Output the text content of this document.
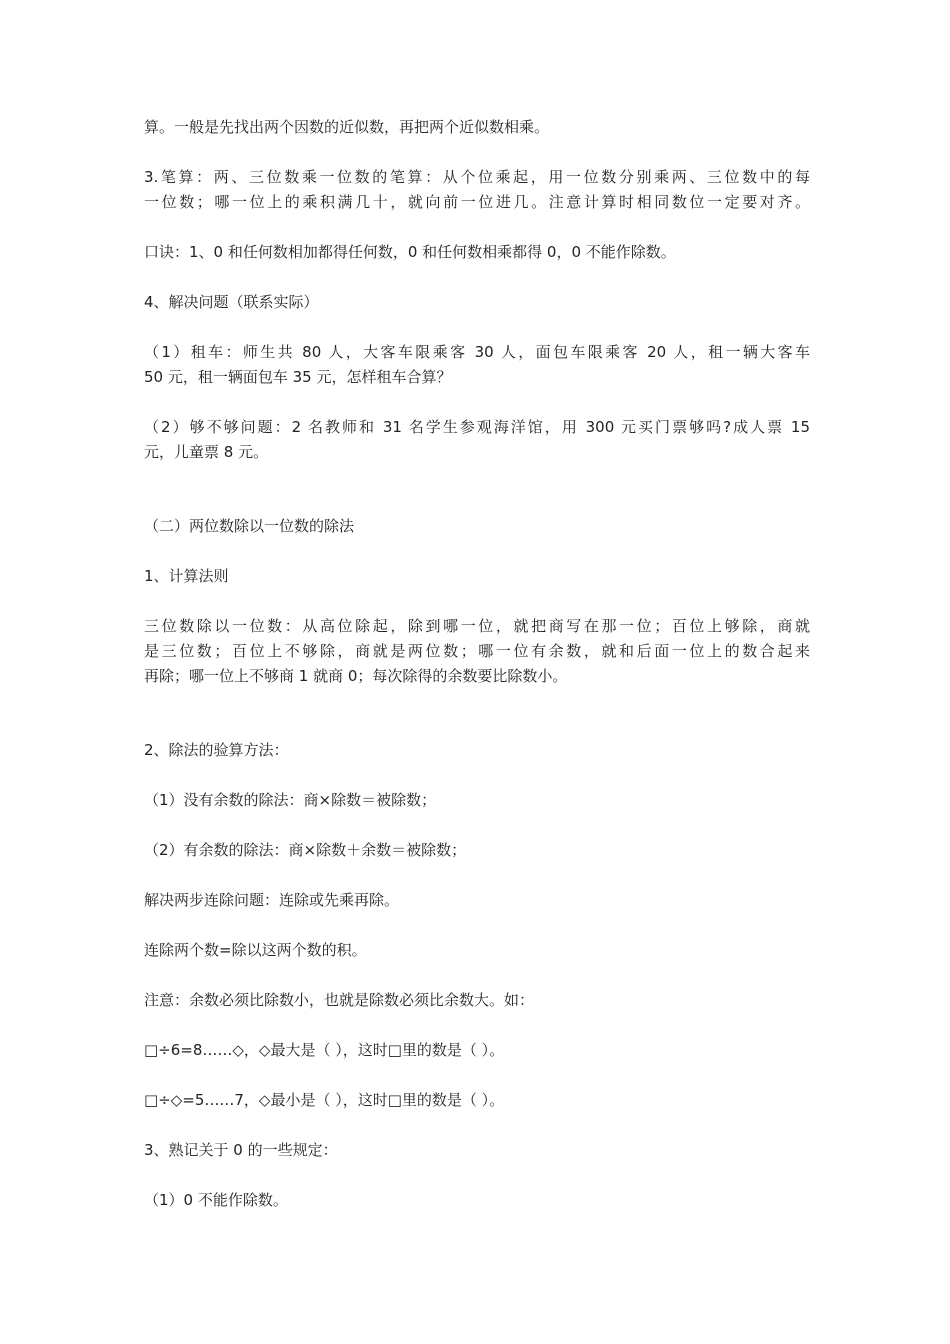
算。一般是先找出两个因数的近似数，再把两个近似数相乘。

3.笔算：两、三位数乘一位数的笔算：从个位乘起，用一位数分别乘两、三位数中的每

一位数；哪一位上的乘积满几十，就向前一位进几。注意计算时相同数位一定要对齐。

口诀：1、0 和任何数相加都得任何数，0 和任何数相乘都得 0，0 不能作除数。

4、解决问题（联系实际）

（1）租车：师生共 80 人，大客车限乘客 30 人，面包车限乘客 20 人，租一辆大客车

50 元，租一辆面包车 35 元，怎样租车合算？

（2）够不够问题：2 名教师和 31 名学生参观海洋馆，用 300 元买门票够吗?成人票 15

元，儿童票 8 元。

（二）两位数除以一位数的除法

1、计算法则

三位数除以一位数：从高位除起，除到哪一位，就把商写在那一位；百位上够除，商就

是三位数；百位上不够除，商就是两位数；哪一位有余数，就和后面一位上的数合起来

再除；哪一位上不够商 1 就商 0；每次除得的余数要比除数小。

2、除法的验算方法：

（1）没有余数的除法：商×除数＝被除数；

（2）有余数的除法：商×除数＋余数＝被除数；

解决两步连除问题：连除或先乘再除。

连除两个数=除以这两个数的积。

注意：余数必须比除数小，也就是除数必须比余数大。如：

□÷6=8……◇，◇最大是（ ），这时□里的数是（ ）。

□÷◇=5……7，◇最小是（ ），这时□里的数是（ ）。

3、熟记关于 0 的一些规定：

（1）0 不能作除数。
